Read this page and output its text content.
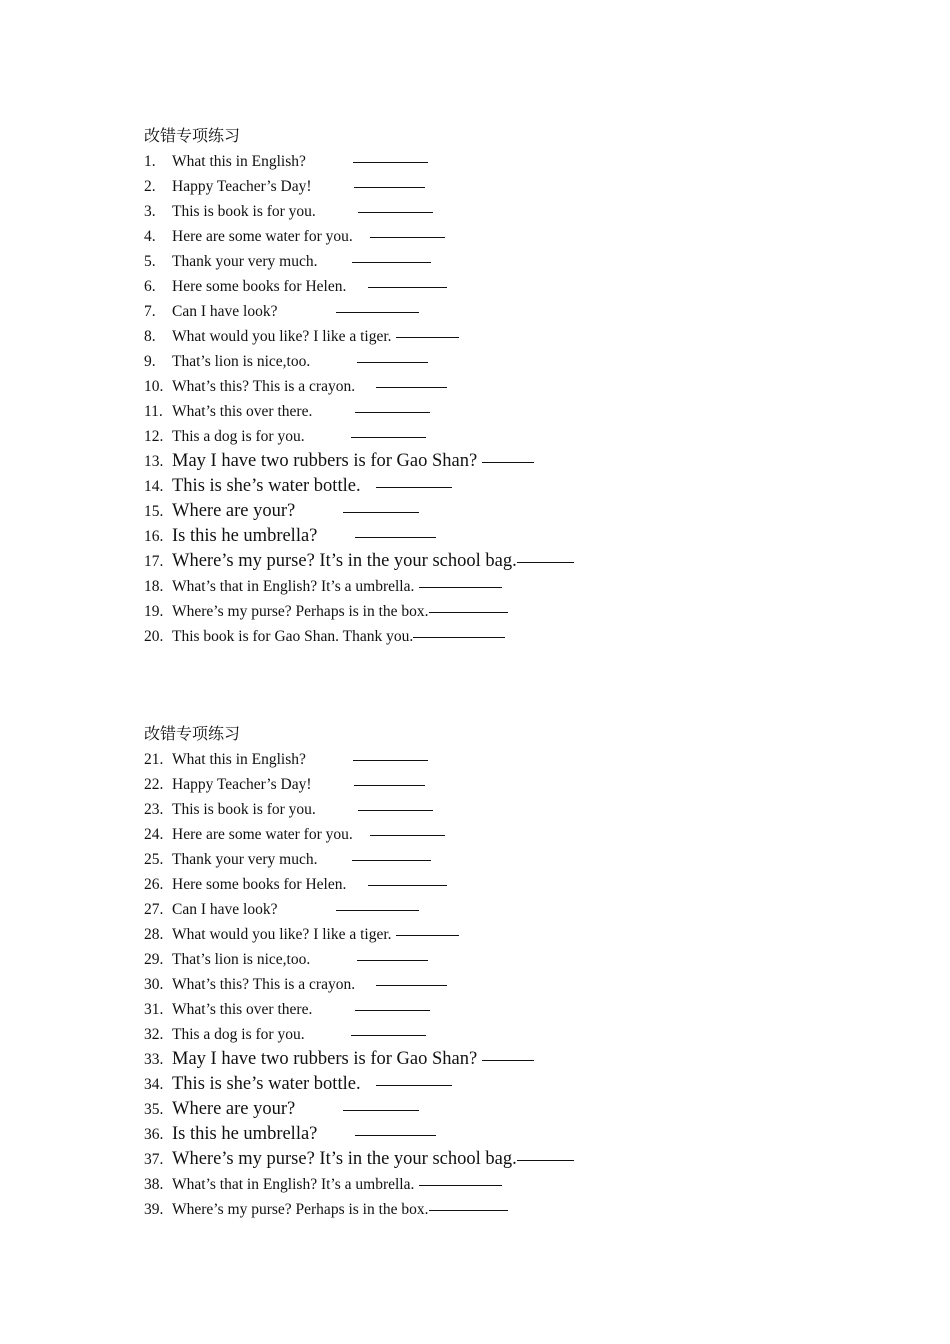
改错专项练习
1.	What this in English?
2.	Happy Teacher’s Day!
3.	This is book is for you.
4.	Here are some water for you.
5.	Thank your very much.
6.	Here some books for Helen.
7.	Can I have look?
8.	What would you like? I like a tiger.
9.	That’s lion is nice,too.
10. What’s this? This is a crayon.
11. What’s this over there.
12. This a dog is for you.
13. May I have two rubbers is for Gao Shan?
14. This is she’s water bottle.
15. Where are your?
16. Is this he umbrella?
17. Where’s my purse? It’s in the your school bag.
18. What’s that in English? It’s a umbrella.
19. Where’s my purse? Perhaps is in the box.
20. This book is for Gao Shan. Thank you.
改错专项练习
21. What this in English?
22. Happy Teacher’s Day!
23. This is book is for you.
24. Here are some water for you.
25. Thank your very much.
26. Here some books for Helen.
27. Can I have look?
28. What would you like? I like a tiger.
29. That’s lion is nice,too.
30. What’s this? This is a crayon.
31. What’s this over there.
32. This a dog is for you.
33. May I have two rubbers is for Gao Shan?
34. This is she’s water bottle.
35. Where are your?
36. Is this he umbrella?
37. Where’s my purse? It’s in the your school bag.
38. What’s that in English? It’s a umbrella.
39. Where’s my purse? Perhaps is in the box.
